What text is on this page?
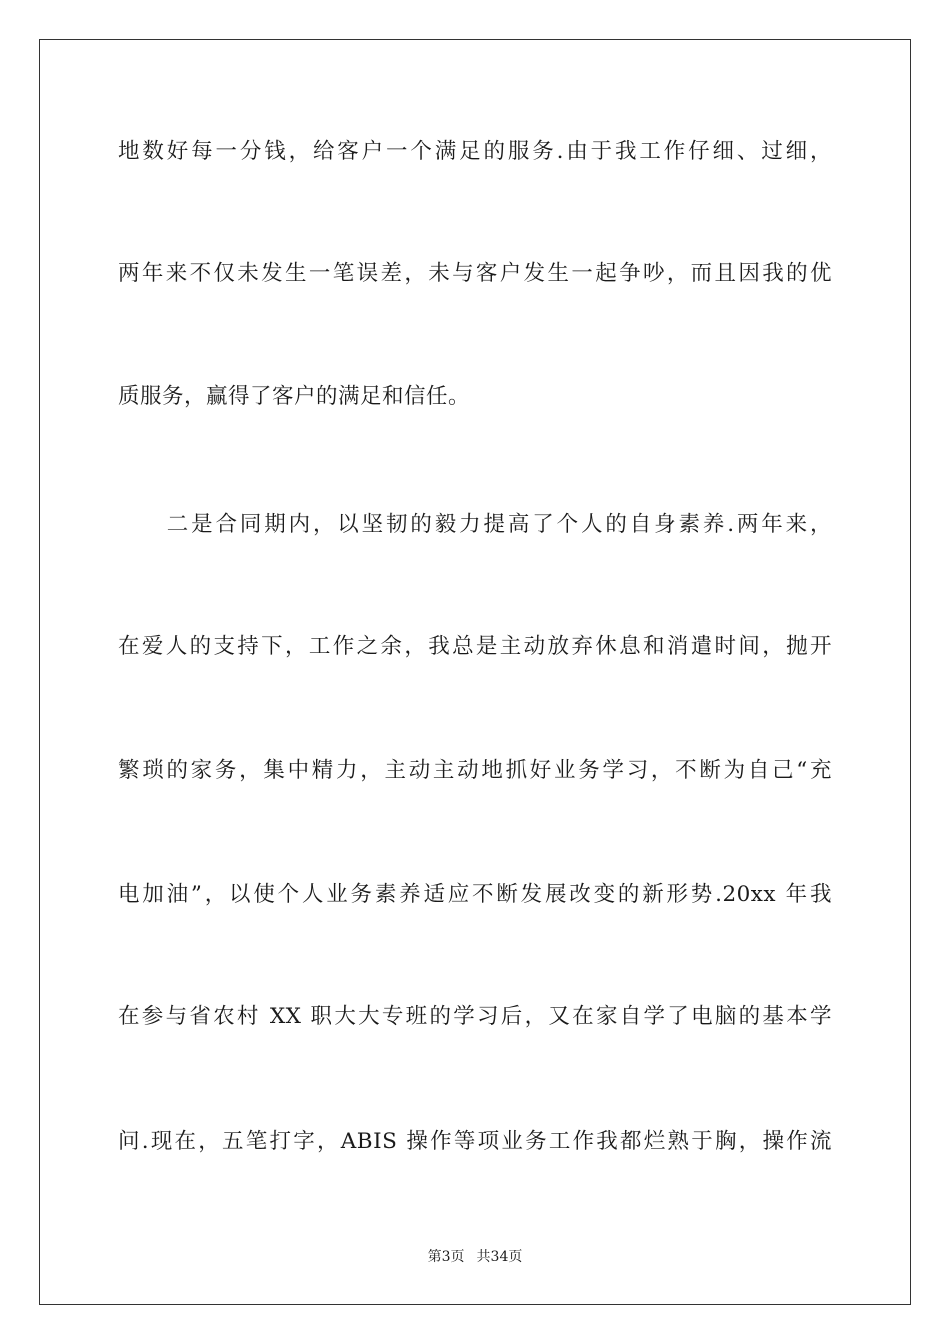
地数好每一分钱，给客户一个满足的服务.由于我工作仔细、过细，
两年来不仅未发生一笔误差，未与客户发生一起争吵，而且因我的优
质服务，赢得了客户的满足和信任。
　　二是合同期内，以坚韧的毅力提高了个人的自身素养.两年来，
在爱人的支持下，工作之余，我总是主动放弃休息和消遣时间，抛开
繁琐的家务，集中精力，主动主动地抓好业务学习，不断为自己“充
电加油”，以使个人业务素养适应不断发展改变的新形势.20xx 年我
在参与省农村 XX 职大大专班的学习后，又在家自学了电脑的基本学
问.现在，五笔打字，ABIS 操作等项业务工作我都烂熟于胸，操作流
第3页 共34页
